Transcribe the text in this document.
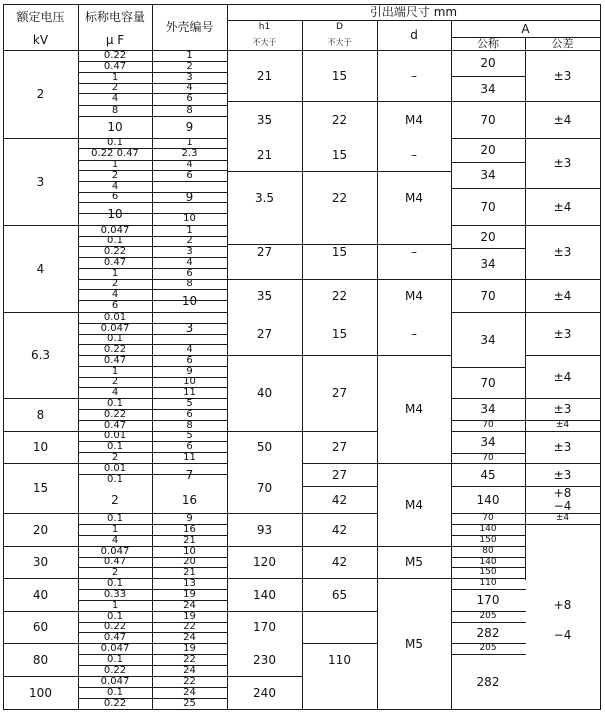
额定电压
kV
标称电容量
μ F
外壳编号
引出端尺寸 mm
h1
不大于
D
不大于
d	A
公称	公差
2
3
4
6.3
8
10
15
20
30
40
60
80
100
0.22
0.47
1
2
4
8
10
0.1
0.22 0.47
1
2
4
6
10
0.047
0.1
0.22
0.47
1
2
4
6
0.01
0.047
0.1
0.22
0.47
1
2
4
0.1
0.22
0.47
0.01
0.1
2
0.01
0.1
2
0.1
1
4
0.047
0.47
2
0.1
0.33
1
0.1
0.22
0.47
0.047
0.1
0.22
0.047
0.1
0.22
1
2
3
4
6
8
9
1
2.3
4
6
9
10
1
2
3
4
6
8
10
3
4
6
9
10
11
5
6
8
5
6
11
7
16
9
16
21
10
20
21
13
19
24
19
22
24
19
22
24
22
24
25
21
35
21
3.5
27
35
27
40
50
70
93
120
140
170
230
240
15
22
15
22
15
22
15
27
27
27
42
42
42
65
110
–
M4
–
M4
–
M4
–
M4
M4
M5
M5
20
34
70
20
34
70
20
34
70
34
70
34
70
34
70
45
140
70
140
150
80
140
150
110
170
205
282
205
282
±3
±4
±3
±4
±3
±4
±3
±4
±3
±4
±3
±3
+8
−4
±4
+8
−4
